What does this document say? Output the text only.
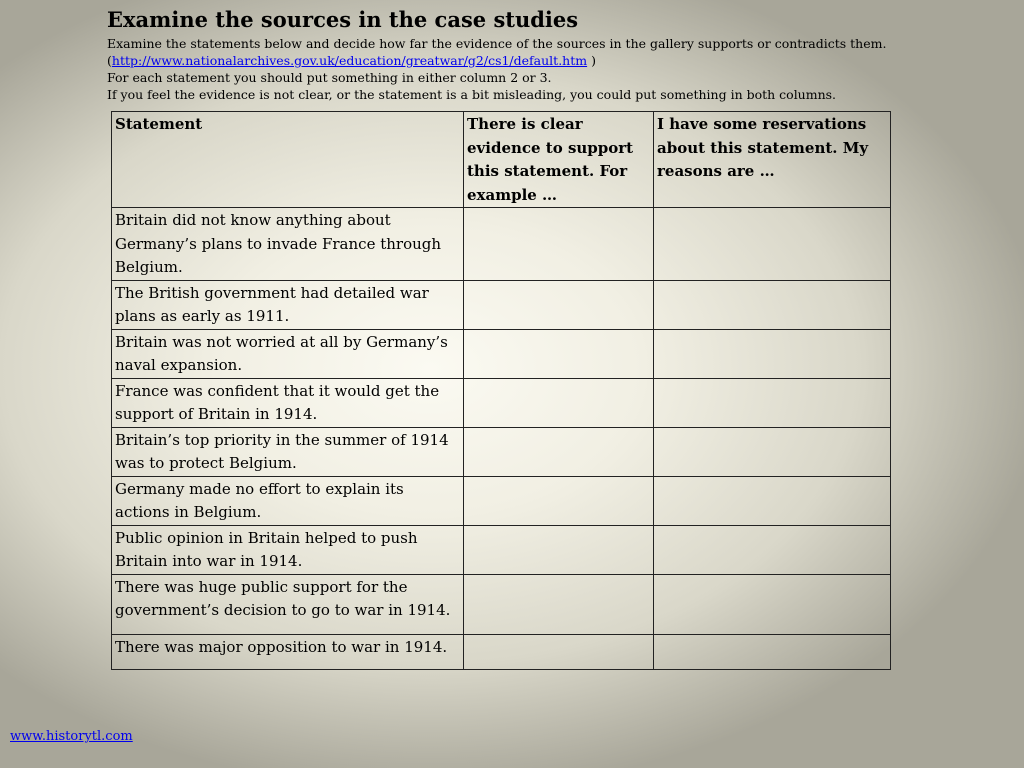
Examine the sources in the case studies
Examine the statements below and decide how far the evidence of the sources in the gallery supports or contradicts them.
(http://www.nationalarchives.gov.uk/education/greatwar/g2/cs1/default.htm )
For each statement you should put something in either column 2 or 3.
If you feel the evidence is not clear, or the statement is a bit misleading, you could put something in both columns.
Statement	There is clear evidence to support this statement. For example …	I have some reservations about this statement. My reasons are …
Britain did not know anything about Germany’s plans to invade France through Belgium.		
The British government had detailed war plans as early as 1911.		
Britain was not worried at all by Germany’s naval expansion.		
France was confident that it would get the support of Britain in 1914.		
Britain’s top priority in the summer of 1914 was to protect Belgium.		
Germany made no effort to explain its actions in Belgium.		
Public opinion in Britain helped to push Britain into war in 1914.		
There was huge public support for the government’s decision to go to war in 1914.		
There was major opposition to war in 1914.		
www.historytl.com
